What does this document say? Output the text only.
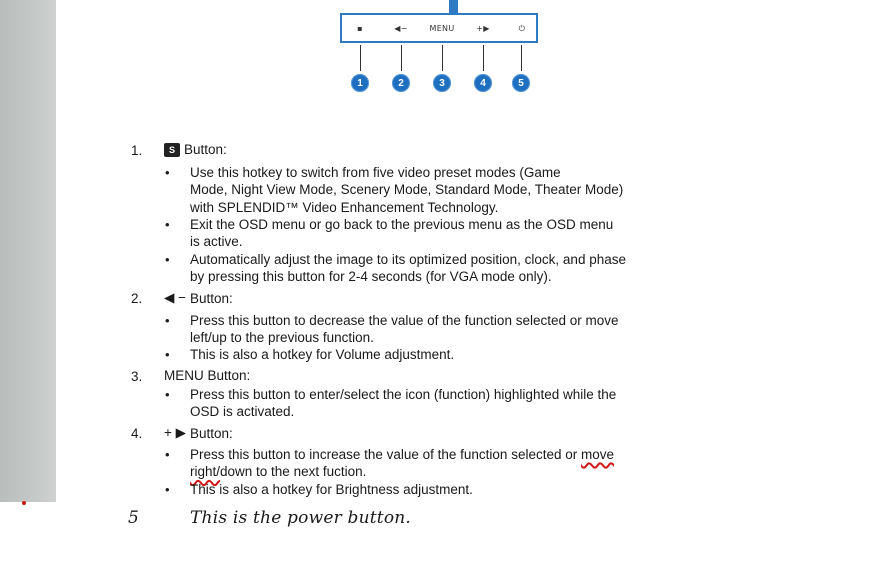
▪	◀−	MENU	+▶	⏻
1	2	3	4	5
1.	S Button:
• Use this hotkey to switch from five video preset modes (Game
Mode, Night View Mode, Scenery Mode, Standard Mode, Theater Mode)
with SPLENDID™ Video Enhancement Technology.
• Exit the OSD menu or go back to the previous menu as the OSD menu
is active.
• Automatically adjust the image to its optimized position, clock, and phase
by pressing this button for 2-4 seconds (for VGA mode only).
2. ◀ − Button:
• Press this button to decrease the value of the function selected or move
left/up to the previous function.
• This is also a hotkey for Volume adjustment.
3. MENU Button:
• Press this button to enter/select the icon (function) highlighted while the
OSD is activated.
4. + ▶ Button:
• Press this button to increase the value of the function selected or move
right/down to the next fuction.
• This is also a hotkey for Brightness adjustment.
5	This is the power button.
